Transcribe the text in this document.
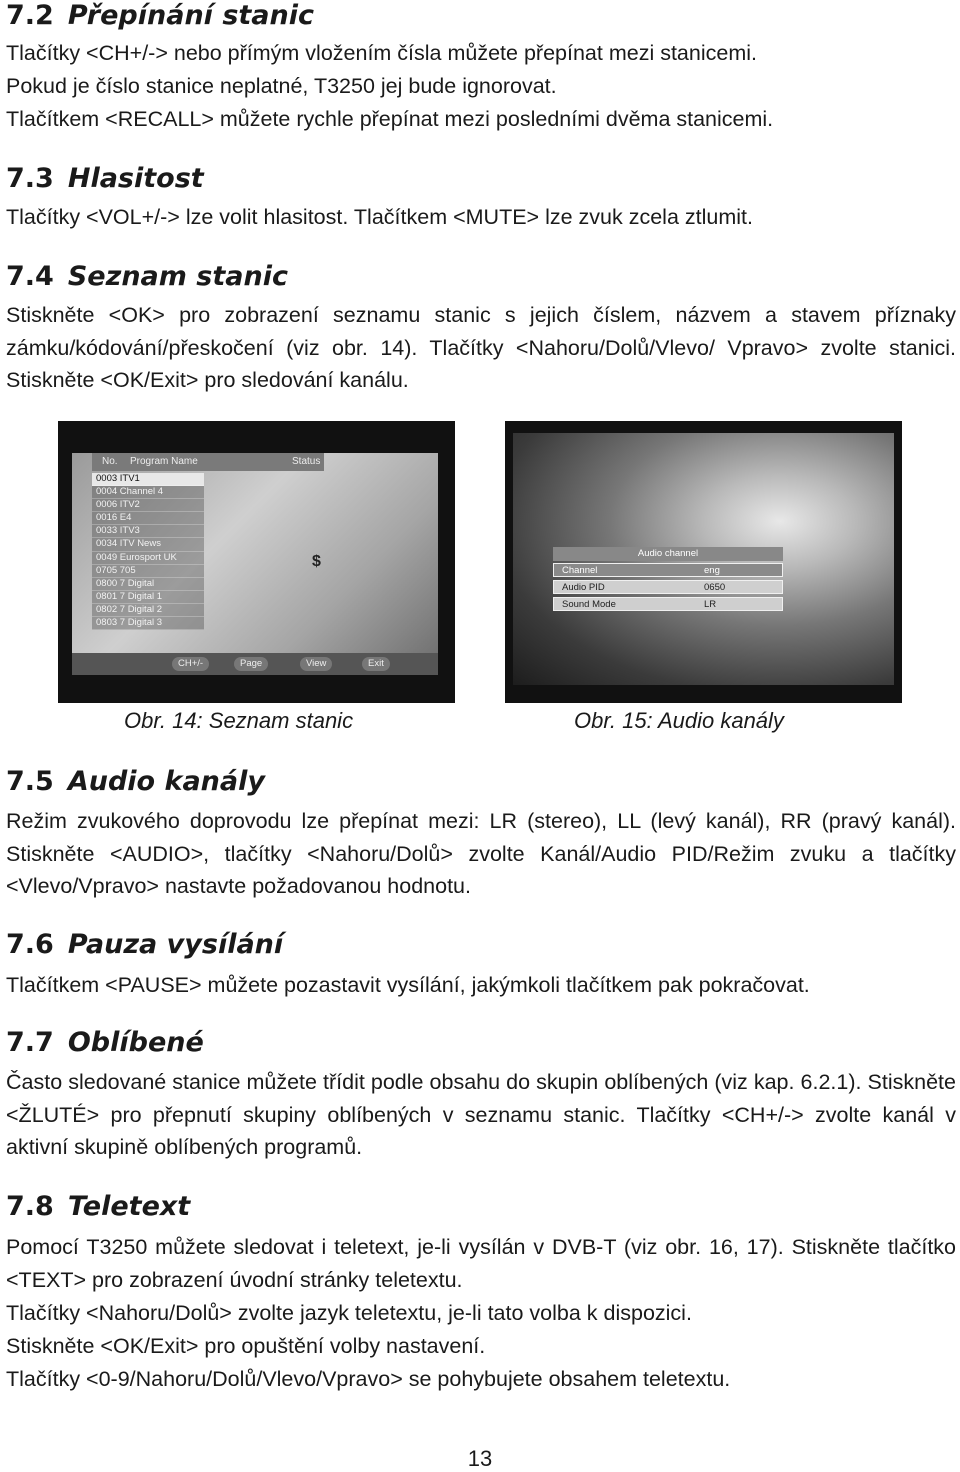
7.2 Přepínání stanic

Tlačítky <CH+/-> nebo přímým vložením čísla můžete přepínat mezi stanicemi.

Pokud je číslo stanice neplatné, T3250 jej bude ignorovat.

Tlačítkem <RECALL> můžete rychle přepínat mezi posledními dvěma stanicemi.

7.3 Hlasitost

Tlačítky <VOL+/-> lze volit hlasitost. Tlačítkem <MUTE> lze zvuk zcela ztlumit.

7.4 Seznam stanic

Stiskněte <OK> pro zobrazení seznamu stanic s jejich číslem, názvem a stavem příznaky zámku/kódování/přeskočení (viz obr. 14). Tlačítky <Nahoru/Dolů/Vlevo/ Vpravo> zvolte stanici. Stiskněte <OK/Exit> pro sledování kanálu.

No. Program Name	Status
0003 ITV1
0004 Channel 4
0006 ITV2
0016 E4
0033 ITV3
0034 ITV News
0049 Eurosport UK
0705 705
0800 7 Digital
0801 7 Digital 1
0802 7 Digital 2
0803 7 Digital 3
$
CH+/-	Page	View	Exit
Audio channel
Channel	eng
Audio PID	0650
Sound Mode	LR
Obr. 14: Seznam stanic	Obr. 15: Audio kanály
7.5 Audio kanály

Režim zvukového doprovodu lze přepínat mezi: LR (stereo), LL (levý kanál), RR (pravý kanál). Stiskněte <AUDIO>, tlačítky <Nahoru/Dolů> zvolte Kanál/Audio PID/Režim zvuku a tlačítky <Vlevo/Vpravo> nastavte požadovanou hodnotu.

7.6 Pauza vysílání

Tlačítkem <PAUSE> můžete pozastavit vysílání, jakýmkoli tlačítkem pak pokračovat.

7.7 Oblíbené

Často sledované stanice můžete třídit podle obsahu do skupin oblíbených (viz kap. 6.2.1). Stiskněte <ŽLUTÉ> pro přepnutí skupiny oblíbených v seznamu stanic. Tlačítky <CH+/-> zvolte kanál v aktivní skupině oblíbených programů.

7.8 Teletext

Pomocí T3250 můžete sledovat i teletext, je-li vysílán v DVB-T (viz obr. 16, 17). Stiskněte tlačítko <TEXT> pro zobrazení úvodní stránky teletextu.

Tlačítky <Nahoru/Dolů> zvolte jazyk teletextu, je-li tato volba k dispozici.

Stiskněte <OK/Exit> pro opuštění volby nastavení.

Tlačítky <0-9/Nahoru/Dolů/Vlevo/Vpravo> se pohybujete obsahem teletextu.

13
